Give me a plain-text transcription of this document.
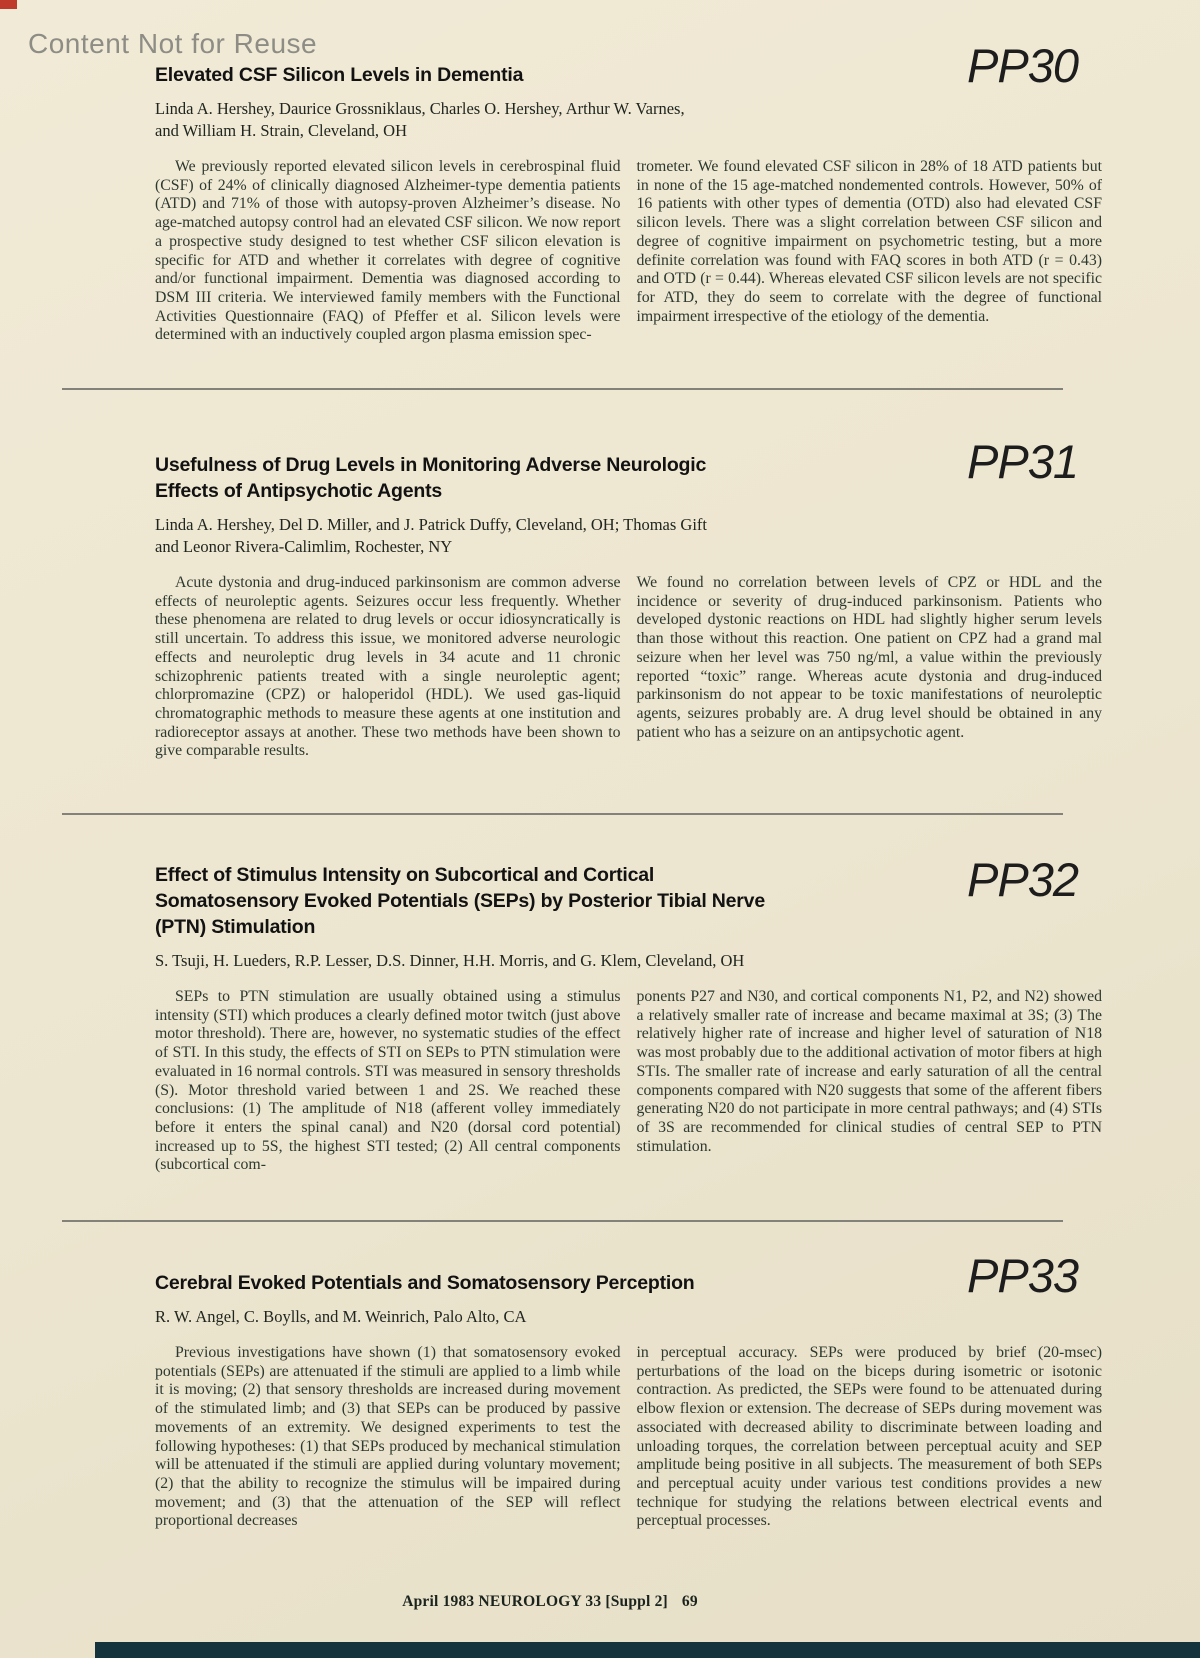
Content Not for Reuse	PP30
Elevated CSF Silicon Levels in Dementia
Linda A. Hershey, Daurice Grossniklaus, Charles O. Hershey, Arthur W. Varnes,
and William H. Strain, Cleveland, OH

We previously reported elevated silicon levels in cerebrospinal fluid (CSF) of 24% of clinically diagnosed Alzheimer-type dementia patients (ATD) and 71% of those with autopsy-proven Alzheimer’s disease. No age-matched autopsy control had an elevated CSF silicon. We now report a prospective study designed to test whether CSF silicon elevation is specific for ATD and whether it correlates with degree of cognitive and/or functional impairment. Dementia was diagnosed according to DSM III criteria. We interviewed family members with the Functional Activities Questionnaire (FAQ) of Pfeffer et al. Silicon levels were determined with an inductively coupled argon plasma emission spec-

trometer. We found elevated CSF silicon in 28% of 18 ATD patients but in none of the 15 age-matched nondemented controls. However, 50% of 16 patients with other types of dementia (OTD) also had elevated CSF silicon levels. There was a slight correlation between CSF silicon and degree of cognitive impairment on psychometric testing, but a more definite correlation was found with FAQ scores in both ATD (r = 0.43) and OTD (r = 0.44). Whereas elevated CSF silicon levels are not specific for ATD, they do seem to correlate with the degree of functional impairment irrespective of the etiology of the dementia.

PP31
Usefulness of Drug Levels in Monitoring Adverse Neurologic
Effects of Antipsychotic Agents
Linda A. Hershey, Del D. Miller, and J. Patrick Duffy, Cleveland, OH; Thomas Gift
and Leonor Rivera-Calimlim, Rochester, NY

Acute dystonia and drug-induced parkinsonism are common adverse effects of neuroleptic agents. Seizures occur less frequently. Whether these phenomena are related to drug levels or occur idiosyncratically is still uncertain. To address this issue, we monitored adverse neurologic effects and neuroleptic drug levels in 34 acute and 11 chronic schizophrenic patients treated with a single neuroleptic agent; chlorpromazine (CPZ) or haloperidol (HDL). We used gas-liquid chromatographic methods to measure these agents at one institution and radioreceptor assays at another. These two methods have been shown to give comparable results.

We found no correlation between levels of CPZ or HDL and the incidence or severity of drug-induced parkinsonism. Patients who developed dystonic reactions on HDL had slightly higher serum levels than those without this reaction. One patient on CPZ had a grand mal seizure when her level was 750 ng/ml, a value within the previously reported “toxic” range. Whereas acute dystonia and drug-induced parkinsonism do not appear to be toxic manifestations of neuroleptic agents, seizures probably are. A drug level should be obtained in any patient who has a seizure on an antipsychotic agent.

PP32
Effect of Stimulus Intensity on Subcortical and Cortical
Somatosensory Evoked Potentials (SEPs) by Posterior Tibial Nerve
(PTN) Stimulation
S. Tsuji, H. Lueders, R.P. Lesser, D.S. Dinner, H.H. Morris, and G. Klem, Cleveland, OH

SEPs to PTN stimulation are usually obtained using a stimulus intensity (STI) which produces a clearly defined motor twitch (just above motor threshold). There are, however, no systematic studies of the effect of STI. In this study, the effects of STI on SEPs to PTN stimulation were evaluated in 16 normal controls. STI was measured in sensory thresholds (S). Motor threshold varied between 1 and 2S. We reached these conclusions: (1) The amplitude of N18 (afferent volley immediately before it enters the spinal canal) and N20 (dorsal cord potential) increased up to 5S, the highest STI tested; (2) All central components (subcortical com-

ponents P27 and N30, and cortical components N1, P2, and N2) showed a relatively smaller rate of increase and became maximal at 3S; (3) The relatively higher rate of increase and higher level of saturation of N18 was most probably due to the additional activation of motor fibers at high STIs. The smaller rate of increase and early saturation of all the central components compared with N20 suggests that some of the afferent fibers generating N20 do not participate in more central pathways; and (4) STIs of 3S are recommended for clinical studies of central SEP to PTN stimulation.

PP33
Cerebral Evoked Potentials and Somatosensory Perception
R. W. Angel, C. Boylls, and M. Weinrich, Palo Alto, CA

Previous investigations have shown (1) that somatosensory evoked potentials (SEPs) are attenuated if the stimuli are applied to a limb while it is moving; (2) that sensory thresholds are increased during movement of the stimulated limb; and (3) that SEPs can be produced by passive movements of an extremity. We designed experiments to test the following hypotheses: (1) that SEPs produced by mechanical stimulation will be attenuated if the stimuli are applied during voluntary movement; (2) that the ability to recognize the stimulus will be impaired during movement; and (3) that the attenuation of the SEP will reflect proportional decreases

in perceptual accuracy. SEPs were produced by brief (20-msec) perturbations of the load on the biceps during isometric or isotonic contraction. As predicted, the SEPs were found to be attenuated during elbow flexion or extension. The decrease of SEPs during movement was associated with decreased ability to discriminate between loading and unloading torques, the correlation between perceptual acuity and SEP amplitude being positive in all subjects. The measurement of both SEPs and perceptual acuity under various test conditions provides a new technique for studying the relations between electrical events and perceptual processes.

April 1983 NEUROLOGY 33 [Suppl 2] 69
